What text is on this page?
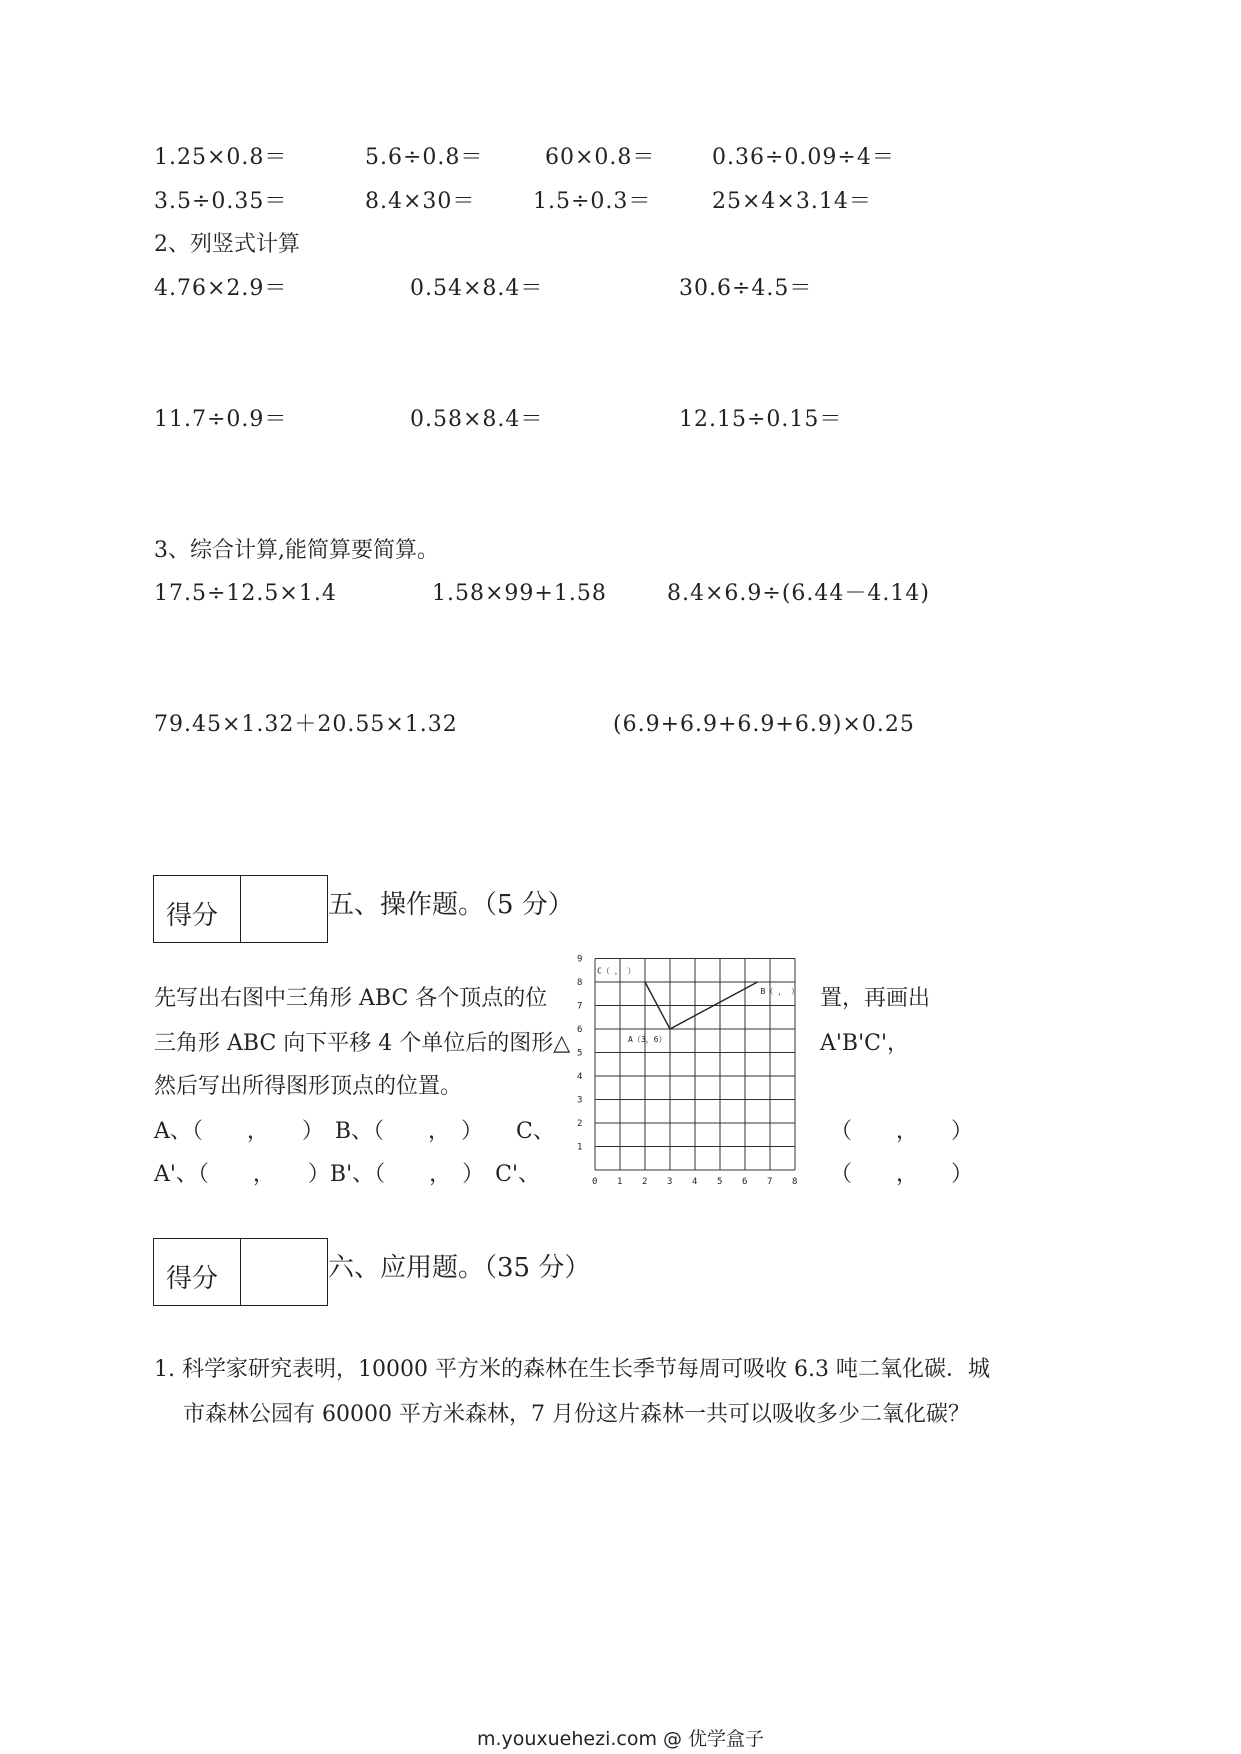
1.25×0.8＝	5.6÷0.8＝	60×0.8＝	0.36÷0.09÷4＝
3.5÷0.35＝	8.4×30＝	1.5÷0.3＝	25×4×3.14＝
2、列竖式计算
4.76×2.9＝	0.54×8.4＝	30.6÷4.5＝
11.7÷0.9＝	0.58×8.4＝	12.15÷0.15＝
3、综合计算,能简算要简算。
17.5÷12.5×1.4	1.58×99+1.58	8.4×6.9÷(6.44－4.14)
79.45×1.32＋20.55×1.32	(6.9+6.9+6.9+6.9)×0.25
得分	五、操作题。（5 分）
先写出右图中三角形 ABC 各个顶点的位	置，再画出
三角形 ABC 向下平移 4 个单位后的图形△	A'B'C'，
然后写出所得图形顶点的位置。
A、（　　，　　）　B、（　　，　）　　C、	（　　，　　）
A'、（　　，　　）B'、（　　，　）　C'、	（　　，　　）
0 1 2 3 4 5 6 7 8
1
2
3
4
5
6
7
8
9
C（ ， ）
B（ ， ）
A（3，6）
得分	六、应用题。（35 分）
1. 科学家研究表明，10000 平方米的森林在生长季节每周可吸收 6.3 吨二氧化碳．城
市森林公园有 60000 平方米森林，7 月份这片森林一共可以吸收多少二氧化碳？
m.youxuehezi.com @ 优学盒子
